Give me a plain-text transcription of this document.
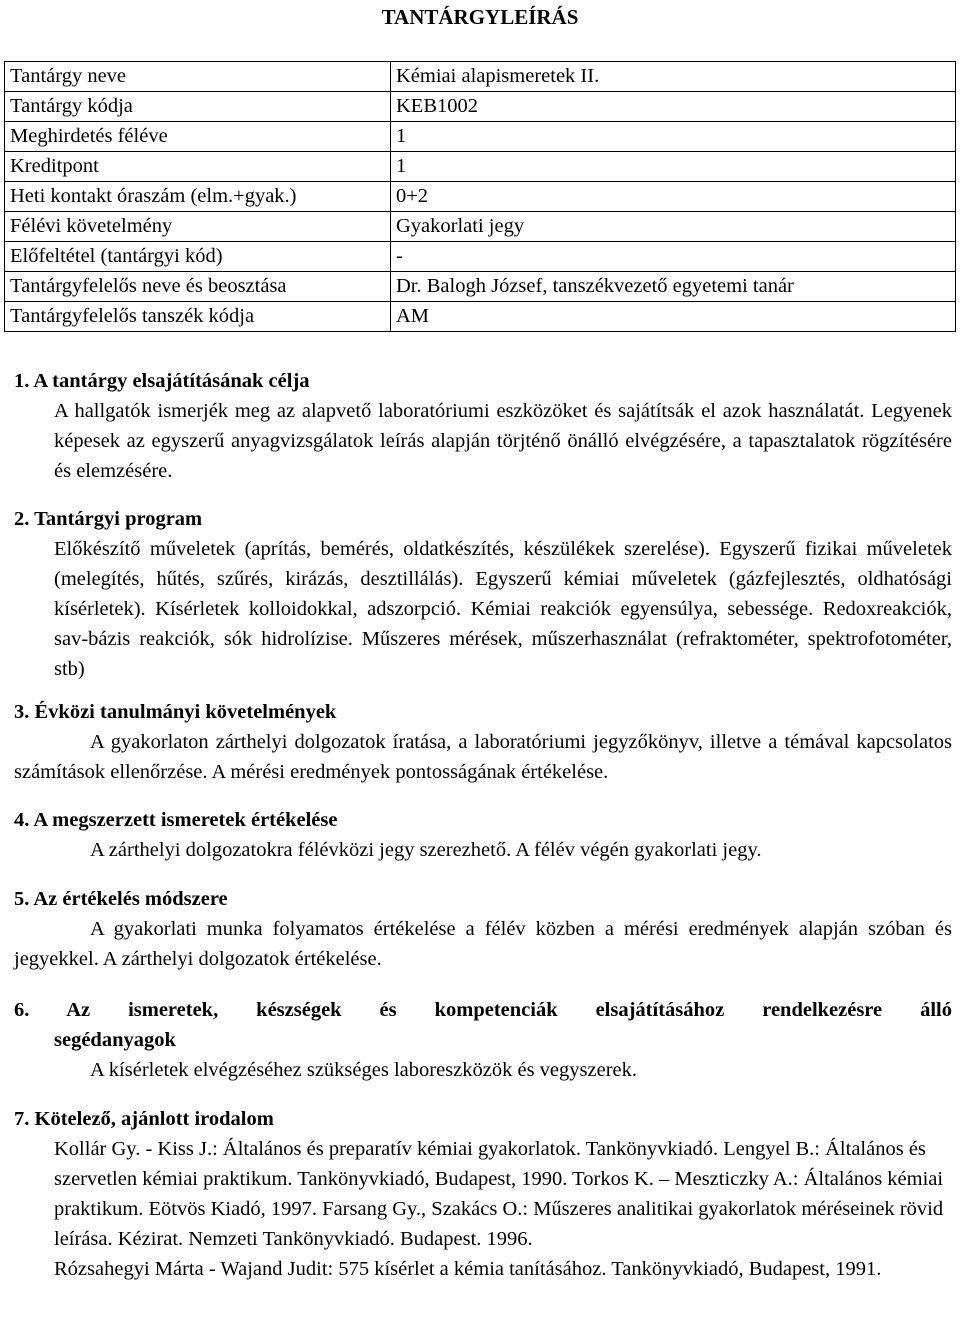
TANTÁRGYLEÍRÁS
Tantárgy neve	Kémiai alapismeretek II.
Tantárgy kódja	KEB1002
Meghirdetés féléve	1
Kreditpont	1
Heti kontakt óraszám (elm.+gyak.)	0+2
Félévi követelmény	Gyakorlati jegy
Előfeltétel (tantárgyi kód)	-
Tantárgyfelelős neve és beosztása	Dr. Balogh József, tanszékvezető egyetemi tanár
Tantárgyfelelős tanszék kódja	AM
1. A tantárgy elsajátításának célja

A hallgatók ismerjék meg az alapvető laboratóriumi eszközöket és sajátítsák el azok használatát. Legyenek képesek az egyszerű anyagvizsgálatok leírás alapján törjténő önálló elvégzésére, a tapasztalatok rögzítésére és elemzésére.

2. Tantárgyi program

Előkészítő műveletek (aprítás, bemérés, oldatkészítés, készülékek szerelése). Egyszerű fizikai műveletek (melegítés, hűtés, szűrés, kirázás, desztillálás). Egyszerű kémiai műveletek (gázfejlesztés, oldhatósági kísérletek). Kísérletek kolloidokkal, adszorpció. Kémiai reakciók egyensúlya, sebessége. Redoxreakciók, sav-bázis reakciók, sók hidrolízise. Műszeres mérések, műszerhasználat (refraktométer, spektrofotométer, stb)

3. Évközi tanulmányi követelmények

A gyakorlaton zárthelyi dolgozatok íratása, a laboratóriumi jegyzőkönyv, illetve a témával kapcsolatos számítások ellenőrzése. A mérési eredmények pontosságának értékelése.

4. A megszerzett ismeretek értékelése

A zárthelyi dolgozatokra félévközi jegy szerezhető. A félév végén gyakorlati jegy.

5. Az értékelés módszere

A gyakorlati munka folyamatos értékelése a félév közben a mérési eredmények alapján szóban és jegyekkel. A zárthelyi dolgozatok értékelése.

6. Az ismeretek, készségek és kompetenciák elsajátításához rendelkezésre álló
segédanyagok

A kísérletek elvégzéséhez szükséges laboreszközök és vegyszerek.

7. Kötelező, ajánlott irodalom

Kollár Gy. - Kiss J.: Általános és preparatív kémiai gyakorlatok. Tankönyvkiadó. Lengyel B.: Általános és szervetlen kémiai praktikum. Tankönyvkiadó, Budapest, 1990. Torkos K. – Meszticzky A.: Általános kémiai praktikum. Eötvös Kiadó, 1997. Farsang Gy., Szakács O.: Műszeres analitikai gyakorlatok méréseinek rövid leírása. Kézirat. Nemzeti Tankönyvkiadó. Budapest. 1996.

Rózsahegyi Márta - Wajand Judit: 575 kísérlet a kémia tanításához. Tankönyvkiadó, Budapest, 1991.
